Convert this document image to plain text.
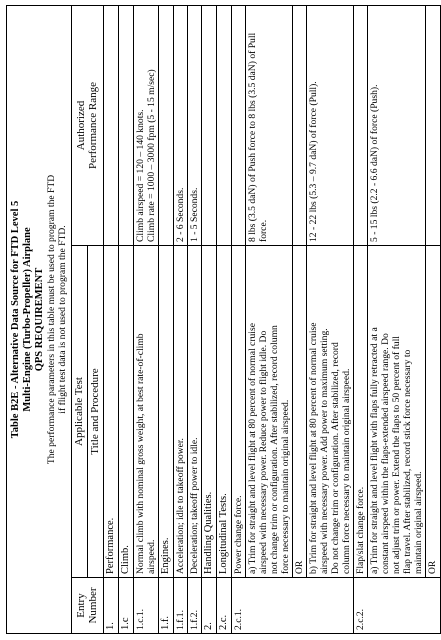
Table B2E - Alternative Data Source for FTD Level 5 Multi-Engine (Turbo-Propeller) Airplane QPS REQUIREMENT The performance parameters in this table must be used to program the FTD if flight test data is not used to program the FTD.		

Entry Number	Applicable Test	Authorized Performance Range

	Title and Procedure	
1.	Performance.	
1.c	Climb.	
1.c.1.	Normal climb with nominal gross weight, at best rate-of-climb airspeed.	Climb airspeed = 120 – 140 knots. Climb rate = 1000 – 3000 fpm (5 - 15 m/sec)

1.f.	Engines.	
1.f.1.	Acceleration; idle to takeoff power.	2 - 6 Seconds.
1.f.2.	Deceleration; takeoff power to idle.	1 - 5 Seconds.
2.	Handling Qualities.	
2.c.	Longitudinal Tests.	
2.c.1.	Power change force.	

	a) Trim for straight and level flight at 80 percent of normal cruise airspeed with necessary power. Reduce power to flight idle. Do not change trim or configuration. After stabilized, record column force necessary to maintain original airspeed.	8 lbs (3.5 daN) of Push force to 8 lbs (3.5 daN) of Pull force.
	OR	

	b) Trim for straight and level flight at 80 percent of normal cruise airspeed with necessary power. Add power to maximum setting. Do not change trim or configuration. After stabilized, record column force necessary to maintain original airspeed.	12 - 22 lbs (5.3 – 9.7 daN) of force (Pull).
2.c.2.	Flap/slat change force.	

	a) Trim for straight and level flight with flaps fully retracted at a constant airspeed within the flaps-extended airspeed range. Do not adjust trim or power. Extend the flaps to 50 percent of full flap travel. After stabilized, record stick force necessary to maintain original airspeed.	5 - 15 lbs (2.2 - 6.6 daN) of force (Push).
	OR	
